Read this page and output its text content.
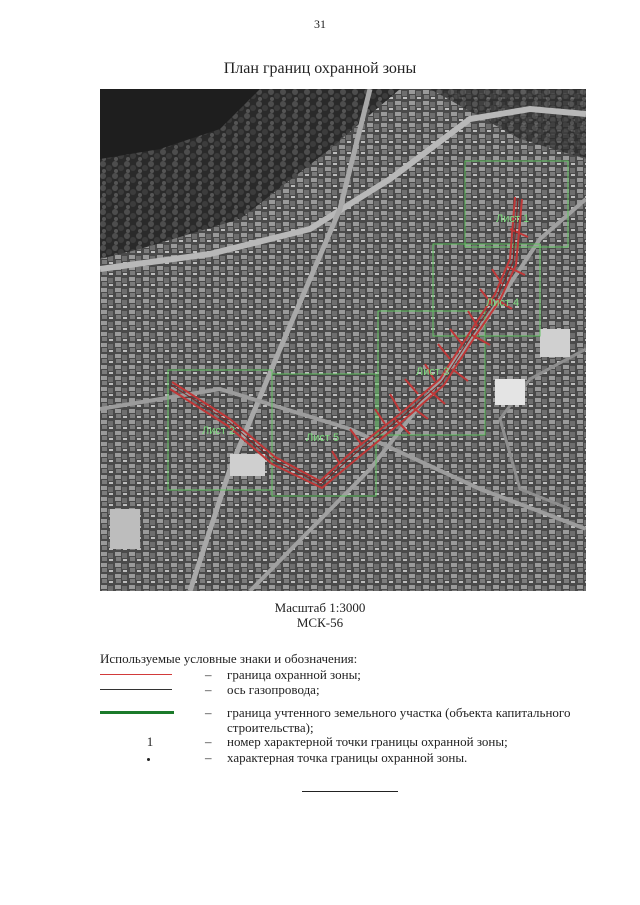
31
План границ охранной зоны
Лист 1
Лист 4
Лист 3
Лист 2
Лист 5
Масштаб 1:3000
МСК-56
Используемые условные знаки и обозначения:
– граница охранной зоны;
– ось газопровода;
– граница учтенного земельного участка (объекта капитального строительства);
1	– номер характерной точки границы охранной зоны;
– характерная точка границы охранной зоны.
